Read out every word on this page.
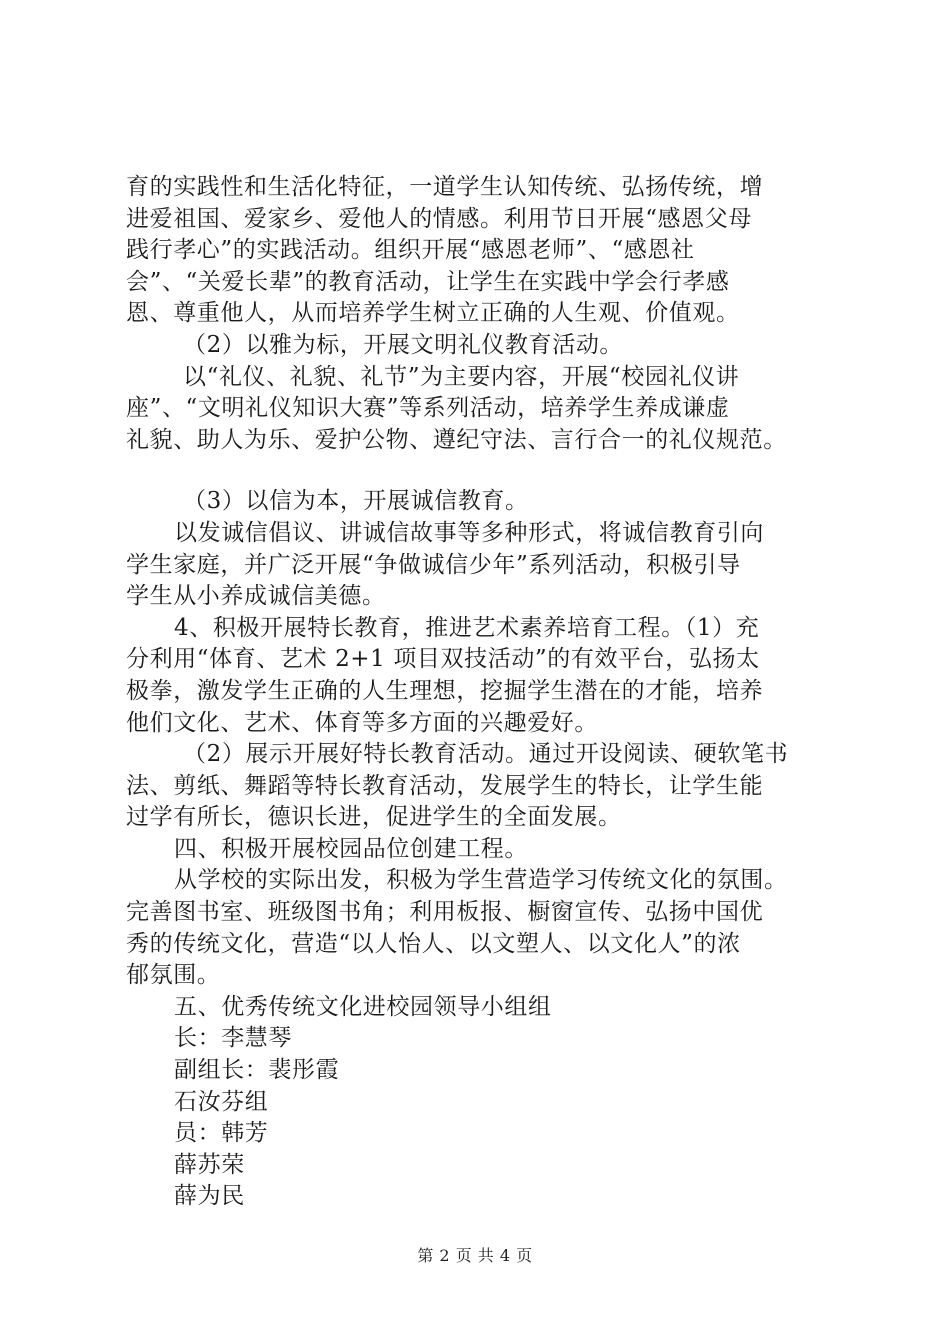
育的实践性和生活化特征，一道学生认知传统、弘扬传统，增
进爱祖国、爱家乡、爱他人的情感。利用节日开展“感恩父母
践行孝心”的实践活动。组织开展“感恩老师”、“感恩社
会”、“关爱长辈”的教育活动，让学生在实践中学会行孝感
恩、尊重他人，从而培养学生树立正确的人生观、价值观。
（2）以雅为标，开展文明礼仪教育活动。
以“礼仪、礼貌、礼节”为主要内容，开展“校园礼仪讲
座”、“文明礼仪知识大赛”等系列活动，培养学生养成谦虚
礼貌、助人为乐、爱护公物、遵纪守法、言行合一的礼仪规范。
（3）以信为本，开展诚信教育。
以发诚信倡议、讲诚信故事等多种形式，将诚信教育引向
学生家庭，并广泛开展“争做诚信少年”系列活动，积极引导
学生从小养成诚信美德。
4、积极开展特长教育，推进艺术素养培育工程。（1）充
分利用“体育、艺术 2+1 项目双技活动”的有效平台，弘扬太
极拳，激发学生正确的人生理想，挖掘学生潜在的才能，培养
他们文化、艺术、体育等多方面的兴趣爱好。
（2）展示开展好特长教育活动。通过开设阅读、硬软笔书
法、剪纸、舞蹈等特长教育活动，发展学生的特长，让学生能
过学有所长，德识长进，促进学生的全面发展。
四、积极开展校园品位创建工程。
从学校的实际出发，积极为学生营造学习传统文化的氛围。
完善图书室、班级图书角；利用板报、橱窗宣传、弘扬中国优
秀的传统文化，营造“以人怡人、以文塑人、以文化人”的浓
郁氛围。
五、优秀传统文化进校园领导小组组
长：李慧琴
副组长：裴彤霞
石汝芬组
员：韩芳
薛苏荣
薛为民
第 2 页 共 4 页
